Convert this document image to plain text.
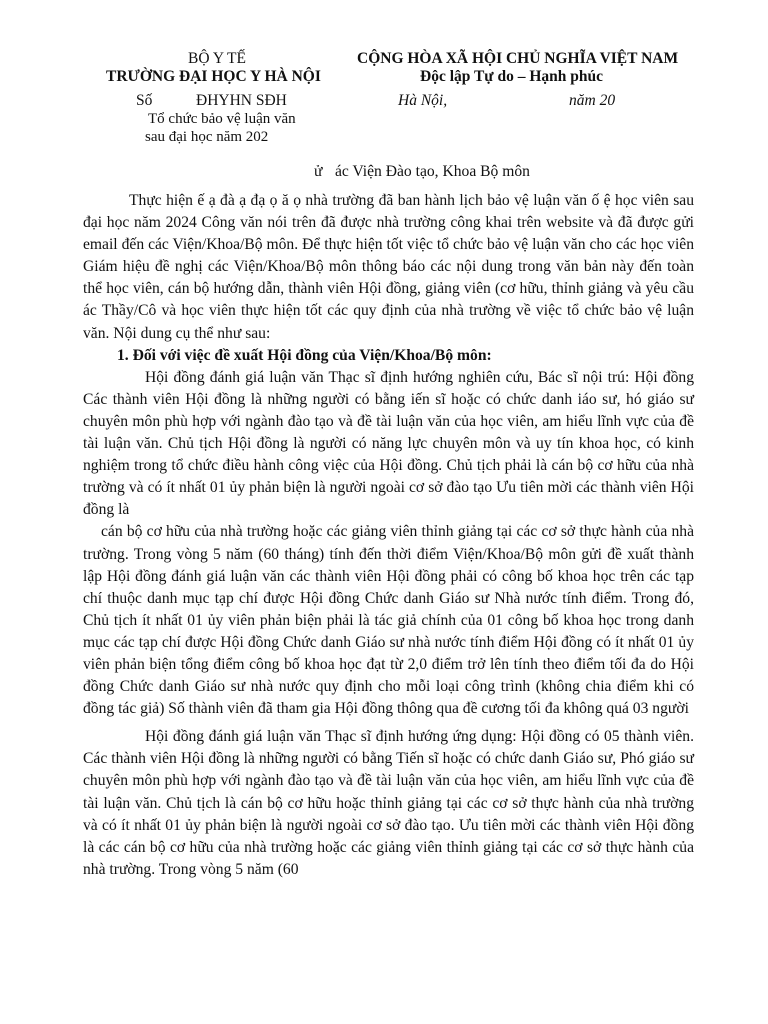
BỘ Y TẾ
TRƯỜNG ĐẠI HỌC Y HÀ NỘI
Số	ĐHYHN SĐH
Tổ chức bảo vệ luận văn
sau đại học năm 202
CỘNG HÒA XÃ HỘI CHỦ NGHĨA VIỆT NAM
Độc lập Tự do – Hạnh phúc
Hà Nội,	năm 20
ử ác Viện Đào tạo, Khoa Bộ môn

Thực hiện ế ạ đà ạ đạ ọ ă ọ nhà trường đã ban hành lịch bảo vệ luận văn ố ệ học viên sau đại học năm 2024 Công văn nói trên đã được nhà trường công khai trên website và đã được gửi email đến các Viện/Khoa/Bộ môn. Để thực hiện tốt việc tổ chức bảo vệ luận văn cho các học viên Giám hiệu đề nghị các Viện/Khoa/Bộ môn thông báo các nội dung trong văn bản này đến toàn thể học viên, cán bộ hướng dẫn, thành viên Hội đồng, giảng viên (cơ hữu, thỉnh giảng và yêu cầu ác Thầy/Cô và học viên thực hiện tốt các quy định của nhà trường về việc tổ chức bảo vệ luận văn. Nội dung cụ thể như sau:

1. Đối với việc đề xuất Hội đồng của Viện/Khoa/Bộ môn:

Hội đồng đánh giá luận văn Thạc sĩ định hướng nghiên cứu, Bác sĩ nội trú: Hội đồng Các thành viên Hội đồng là những người có bằng iến sĩ hoặc có chức danh iáo sư, hó giáo sư chuyên môn phù hợp với ngành đào tạo và đề tài luận văn của học viên, am hiểu lĩnh vực của đề tài luận văn. Chủ tịch Hội đồng là người có năng lực chuyên môn và uy tín khoa học, có kinh nghiệm trong tổ chức điều hành công việc của Hội đồng. Chủ tịch phải là cán bộ cơ hữu của nhà trường và có ít nhất 01 ủy phản biện là người ngoài cơ sở đào tạo Ưu tiên mời các thành viên Hội đồng là

cán bộ cơ hữu của nhà trường hoặc các giảng viên thỉnh giảng tại các cơ sở thực hành của nhà trường. Trong vòng 5 năm (60 tháng) tính đến thời điểm Viện/Khoa/Bộ môn gửi đề xuất thành lập Hội đồng đánh giá luận văn các thành viên Hội đồng phải có công bố khoa học trên các tạp chí thuộc danh mục tạp chí được Hội đồng Chức danh Giáo sư Nhà nước tính điểm. Trong đó, Chủ tịch ít nhất 01 ủy viên phản biện phải là tác giả chính của 01 công bố khoa học trong danh mục các tạp chí được Hội đồng Chức danh Giáo sư nhà nước tính điểm Hội đồng có ít nhất 01 ủy viên phản biện tổng điểm công bố khoa học đạt từ 2,0 điểm trở lên tính theo điểm tối đa do Hội đồng Chức danh Giáo sư nhà nước quy định cho mỗi loại công trình (không chia điểm khi có đồng tác giả) Số thành viên đã tham gia Hội đồng thông qua đề cương tối đa không quá 03 người

Hội đồng đánh giá luận văn Thạc sĩ định hướng ứng dụng: Hội đồng có 05 thành viên. Các thành viên Hội đồng là những người có bằng Tiến sĩ hoặc có chức danh Giáo sư, Phó giáo sư chuyên môn phù hợp với ngành đào tạo và đề tài luận văn của học viên, am hiểu lĩnh vực của đề tài luận văn. Chủ tịch là cán bộ cơ hữu hoặc thỉnh giảng tại các cơ sở thực hành của nhà trường và có ít nhất 01 ủy phản biện là người ngoài cơ sở đào tạo. Ưu tiên mời các thành viên Hội đồng là các cán bộ cơ hữu của nhà trường hoặc các giảng viên thỉnh giảng tại các cơ sở thực hành của nhà trường. Trong vòng 5 năm (60
